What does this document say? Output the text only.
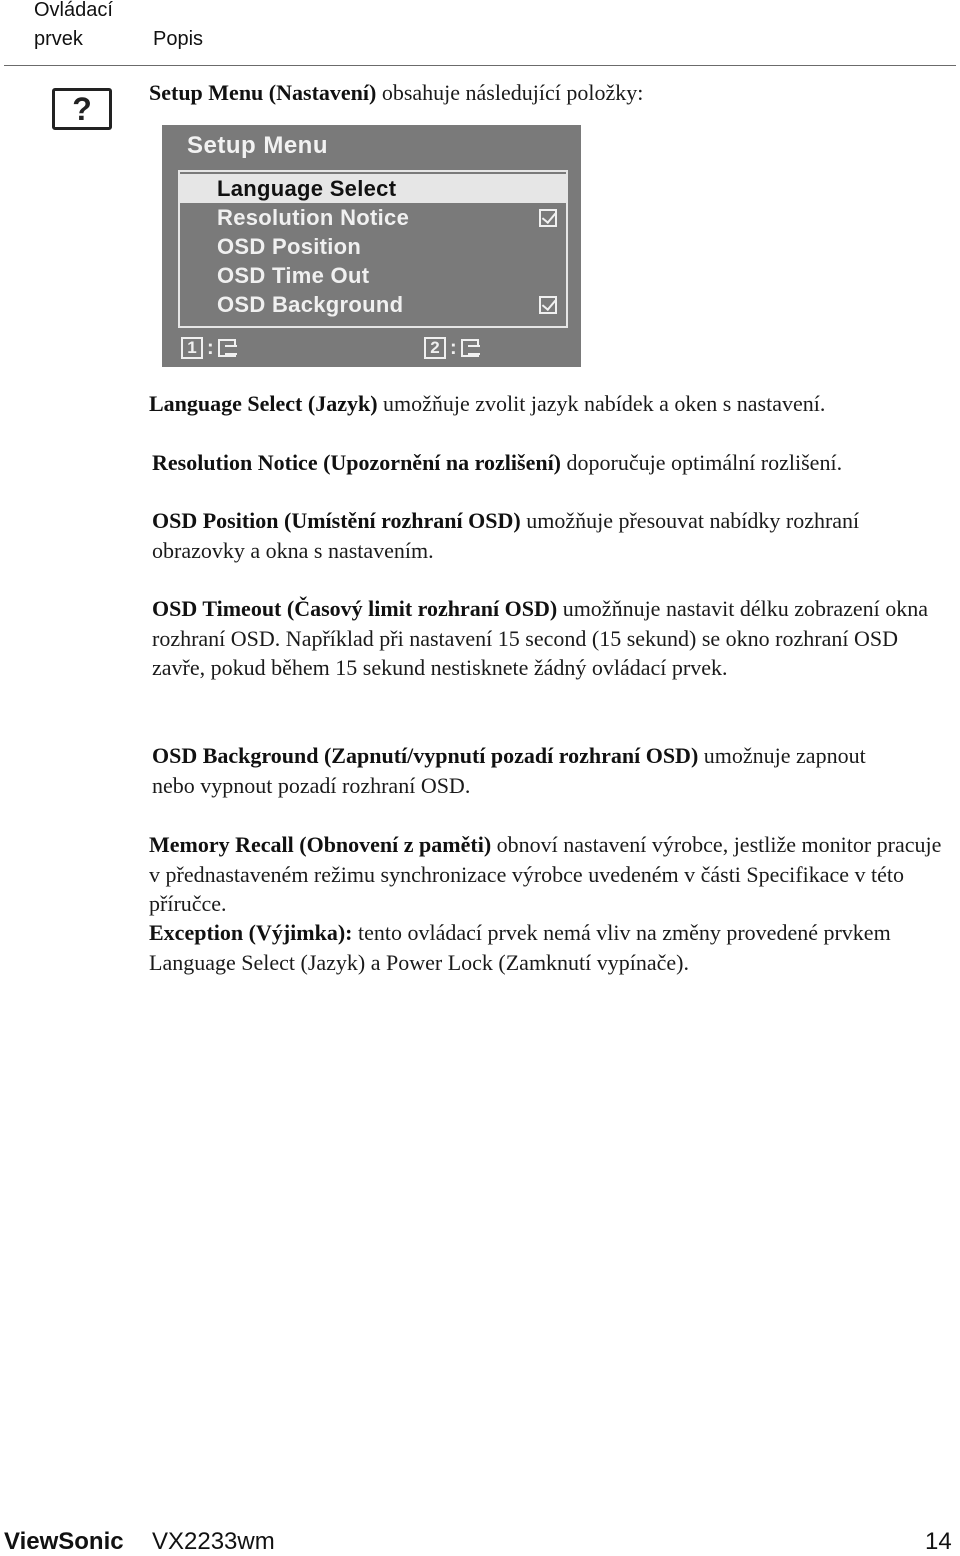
Ovládací prvek	Popis
?	Setup Menu (Nastavení) obsahuje následující položky:
Setup Menu
Language Select
Resolution Notice
OSD Position
OSD Time Out
OSD Background
1 :	2 :
Language Select (Jazyk) umožňuje zvolit jazyk nabídek a oken s nastavení.
Resolution Notice (Upozornění na rozlišení) doporučuje optimální rozlišení.
OSD Position (Umístění rozhraní OSD) umožňuje přesouvat nabídky rozhraní obrazovky a okna s nastavením.
OSD Timeout (Časový limit rozhraní OSD) umožňnuje nastavit délku zobrazení okna rozhraní OSD. Například při nastavení 15 second (15 sekund) se okno rozhraní OSD zavře, pokud během 15 sekund nestisknete žádný ovládací prvek.
OSD Background (Zapnutí/vypnutí pozadí rozhraní OSD) umožnuje zapnout nebo vypnout pozadí rozhraní OSD.
Memory Recall (Obnovení z paměti) obnoví nastavení výrobce, jestliže monitor pracuje v přednastaveném režimu synchronizace výrobce uvedeném v části Specifikace v této příručce.
Exception (Výjimka): tento ovládací prvek nemá vliv na změny provedené prvkem Language Select (Jazyk) a Power Lock (Zamknutí vypínače).
ViewSonic VX2233wm	14
